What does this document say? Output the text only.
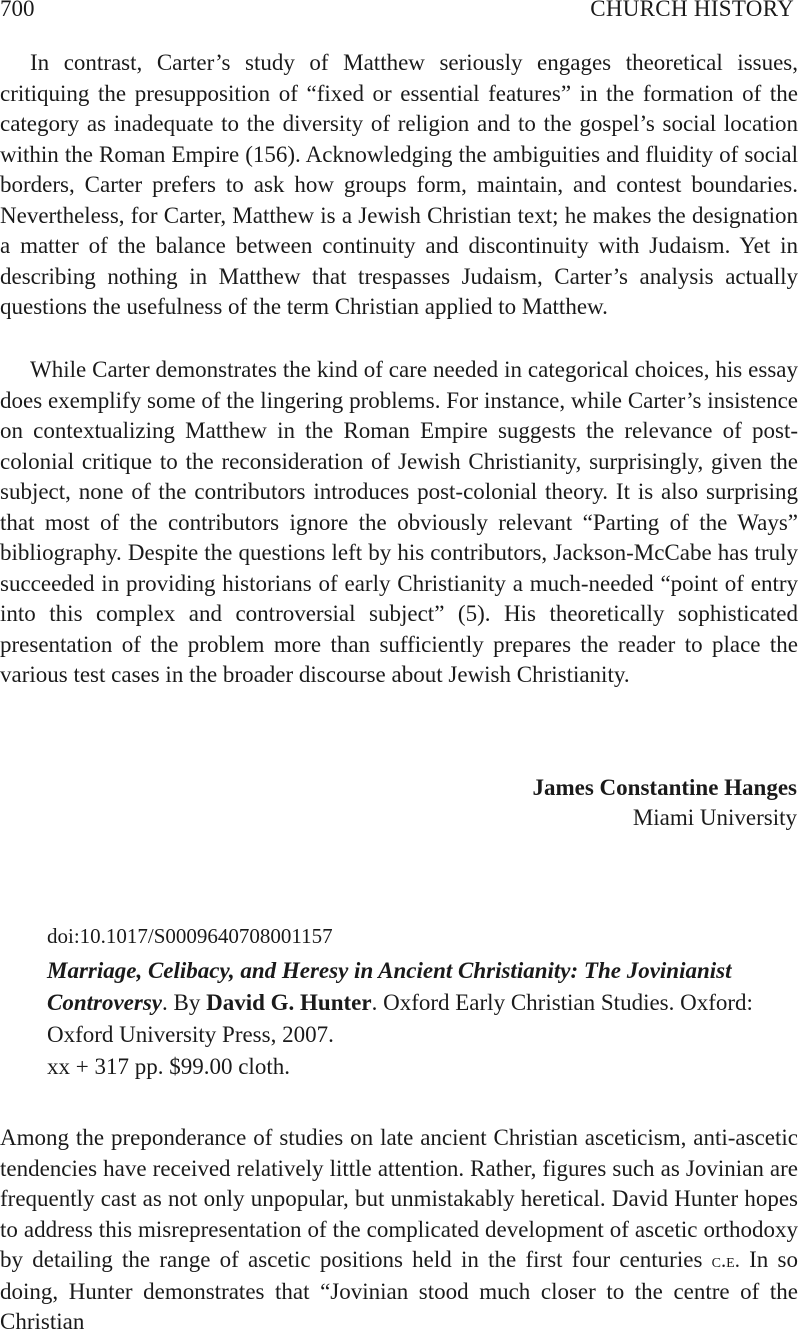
700	CHURCH HISTORY

In contrast, Carter’s study of Matthew seriously engages theoretical issues, critiquing the presupposition of “fixed or essential features” in the formation of the category as inadequate to the diversity of religion and to the gospel’s social location within the Roman Empire (156). Acknowledging the ambiguities and fluidity of social borders, Carter prefers to ask how groups form, maintain, and contest boundaries. Nevertheless, for Carter, Matthew is a Jewish Christian text; he makes the designation a matter of the balance between continuity and discontinuity with Judaism. Yet in describing nothing in Matthew that trespasses Judaism, Carter’s analysis actually questions the usefulness of the term Christian applied to Matthew.

While Carter demonstrates the kind of care needed in categorical choices, his essay does exemplify some of the lingering problems. For instance, while Carter’s insistence on contextualizing Matthew in the Roman Empire suggests the relevance of post-colonial critique to the reconsideration of Jewish Christianity, surprisingly, given the subject, none of the contributors introduces post-colonial theory. It is also surprising that most of the contributors ignore the obviously relevant “Parting of the Ways” bibliography. Despite the questions left by his contributors, Jackson-McCabe has truly succeeded in providing historians of early Christianity a much-needed “point of entry into this complex and controversial subject” (5). His theoretically sophisticated presentation of the problem more than sufficiently prepares the reader to place the various test cases in the broader discourse about Jewish Christianity.

James Constantine Hanges
Miami University
doi:10.1017/S0009640708001157
Marriage, Celibacy, and Heresy in Ancient Christianity: The Jovinianist Controversy. By David G. Hunter. Oxford Early Christian Studies. Oxford: Oxford University Press, 2007.
xx + 317 pp. $99.00 cloth.

Among the preponderance of studies on late ancient Christian asceticism, anti-ascetic tendencies have received relatively little attention. Rather, figures such as Jovinian are frequently cast as not only unpopular, but unmistakably heretical. David Hunter hopes to address this misrepresentation of the complicated development of ascetic orthodoxy by detailing the range of ascetic positions held in the first four centuries c.e. In so doing, Hunter demonstrates that “Jovinian stood much closer to the centre of the Christian
